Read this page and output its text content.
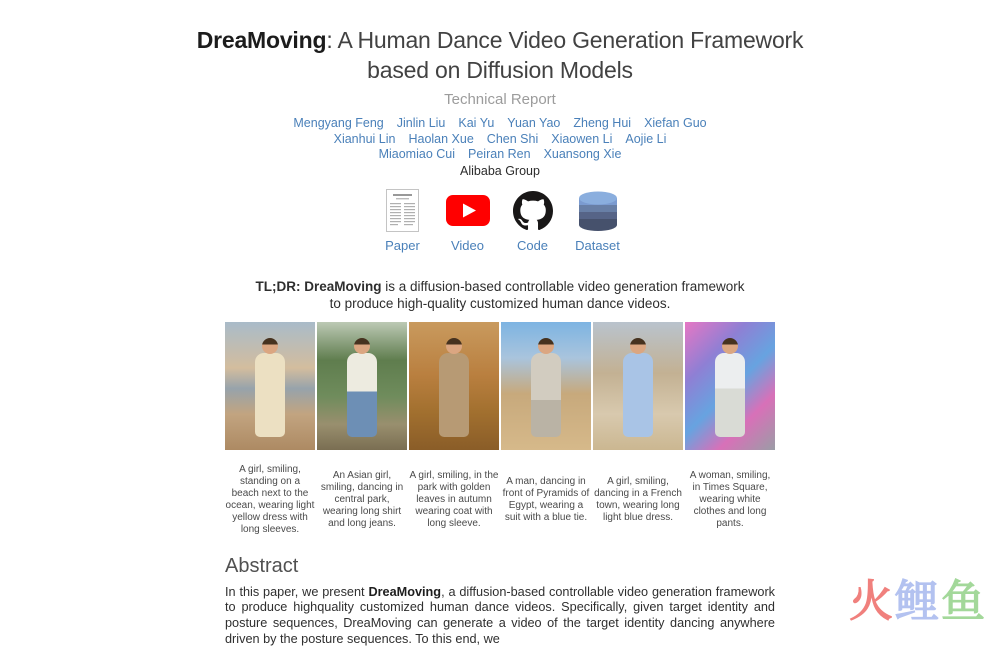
DreaMoving: A Human Dance Video Generation Framework
based on Diffusion Models
Technical Report
Mengyang Feng Jinlin Liu Kai Yu Yuan Yao Zheng Hui Xiefan Guo
Xianhui Lin Haolan Xue Chen Shi Xiaowen Li Aojie Li
Miaomiao Cui Peiran Ren Xuansong Xie
Alibaba Group
Paper Video	Code Dataset

TL;DR: DreaMoving is a diffusion-based controllable video generation framework to produce high-quality customized human dance videos.

A girl, smiling, standing on a beach next to the ocean, wearing light yellow dress with long sleeves.
An Asian girl, smiling, dancing in central park, wearing long shirt and long jeans.
A girl, smiling, in the park with golden leaves in autumn wearing coat with long sleeve.
A man, dancing in front of Pyramids of Egypt, wearing a suit with a blue tie.
A girl, smiling, dancing in a French town, wearing long light blue dress.
A woman, smiling, in Times Square, wearing white clothes and long pants.
Abstract

In this paper, we present DreaMoving, a diffusion-based controllable video generation framework to produce highquality customized human dance videos. Specifically, given target identity and posture sequences, DreaMoving can generate a video of the target identity dancing anywhere driven by the posture sequences. To this end, we

火鲤鱼
